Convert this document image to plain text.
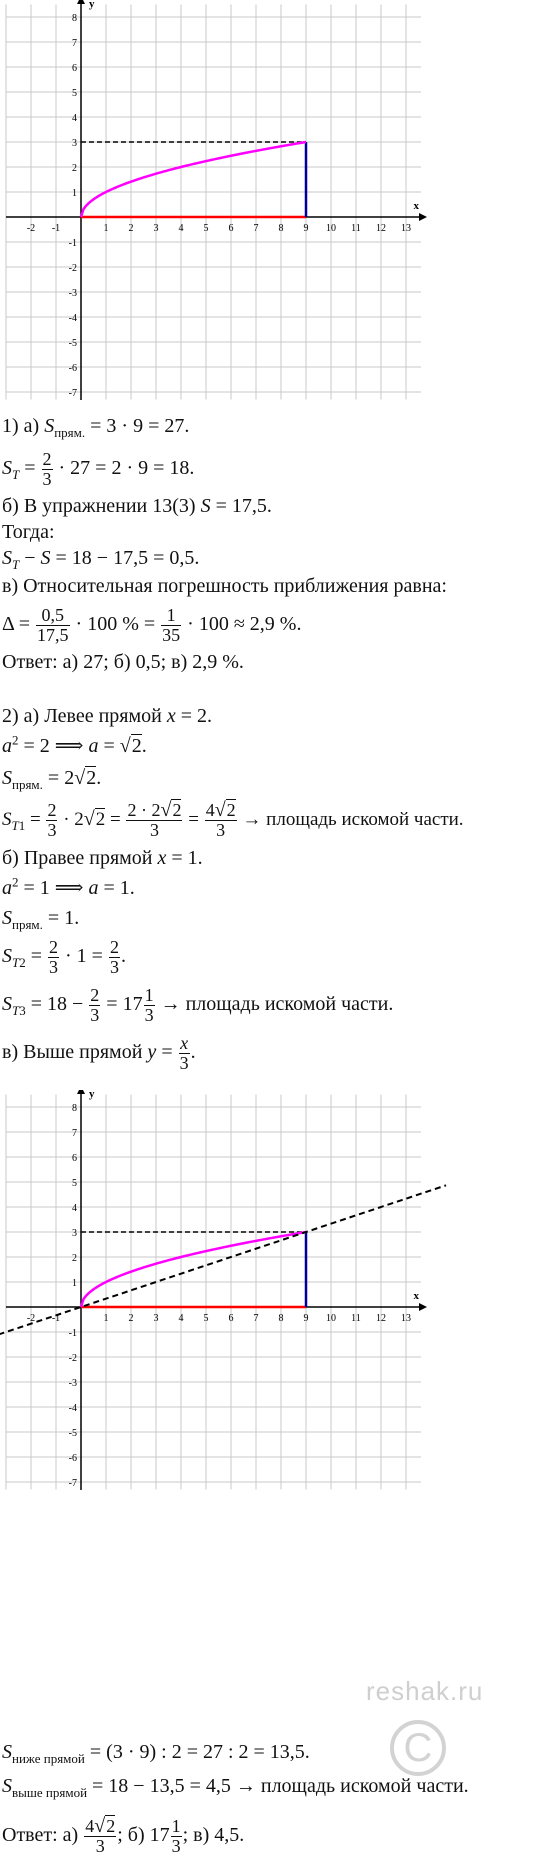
x
y
-2 -1	1 2 3 4 5 6 7 8 9 10 11 12 13
1
2
3
4
5
6
7
8
-1
-2
-3
-4
-5
-6
-7
1) а) $S_{прям.} = 3 \cdot 9 = 27$.
$S_T = \frac{2}{3} \cdot 27 = 2 \cdot 9 = 18$.
б) В упражнении 13(3) S = 17,5.
Тогда:
$S_T - S = 18 - 17,5 = 0,5$.
в) Относительная погрешность приближения равна:
$\Delta = \frac{0,5}{17,5} \cdot 100$ % = $\frac{1}{35} \cdot 100 \approx 2,9$ %.
Ответ: а) 27; б) 0,5; в) 2,9 %.
2) а) Левее прямой x = 2.
$a^2 = 2$ ⟹ a = √2.
$S_{прям.} = 2√2$.
$S_{T1} = \frac{2}{3} \cdot 2√2 = \frac{2 \cdot 2√2}{3} = \frac{4√2}{3}$ → площадь искомой части.
б) Правее прямой x = 1.
$a^2 = 1$ ⟹ a = 1.
$S_{прям.} = 1$.
$S_{T2} = \frac{2}{3} \cdot 1 = \frac{2}{3}$ .
$S_{T3} = 18 - \frac{2}{3} = 17 \frac{1}{3}$ → площадь искомой части.
в) Выше прямой $y = \frac{x}{3}$ .
x
y
-2 -1	1 2 3 4 5 6 7 8 9 10 11 12 13
1
2
3
4
5
6
7
8
-1
-2
-3
-4
-5
-6
-7
$S_{ниже прямой} = (3 \cdot 9)$ : 2 = 27 : 2 = 13,5.
$S_{выше прямой} = 18 - 13,5 = 4,5$ → площадь искомой части.
Ответ: $а) \frac{4√2}{3}$ ; б) $17 \frac{1}{3}$ ; в) 4,5.
reshak.ru
C
